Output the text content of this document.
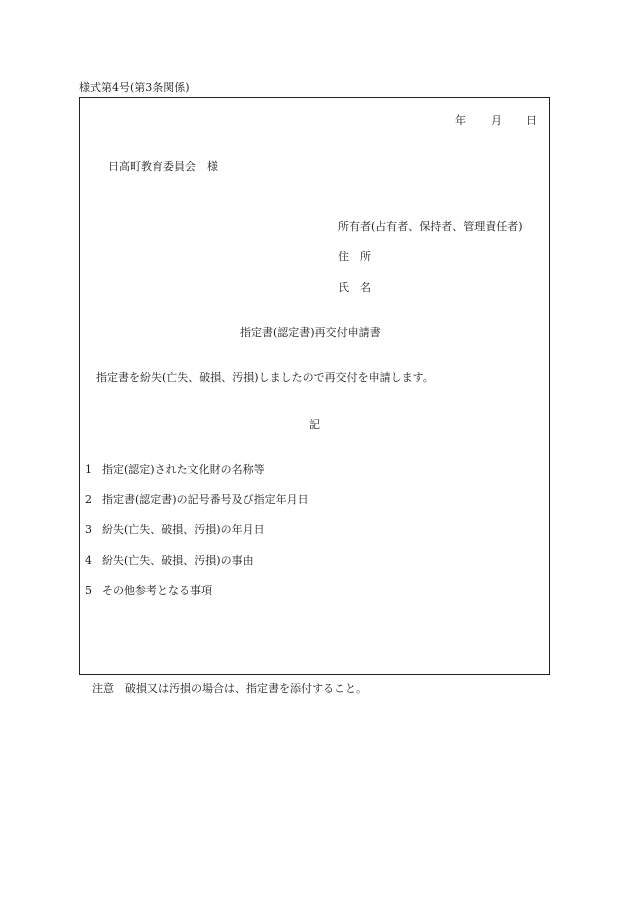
様式第4号(第3条関係)
年 月 日
日高町教育委員会　様
所有者(占有者、保持者、管理責任者)
住　所
氏　名
指定書(認定書)再交付申請書
指定書を紛失(亡失、破損、汚損)しましたので再交付を申請します。
記
1 指定(認定)された文化財の名称等
2 指定書(認定書)の記号番号及び指定年月日
3 紛失(亡失、破損、汚損)の年月日
4 紛失(亡失、破損、汚損)の事由
5 その他参考となる事項
注意　破損又は汚損の場合は、指定書を添付すること。
